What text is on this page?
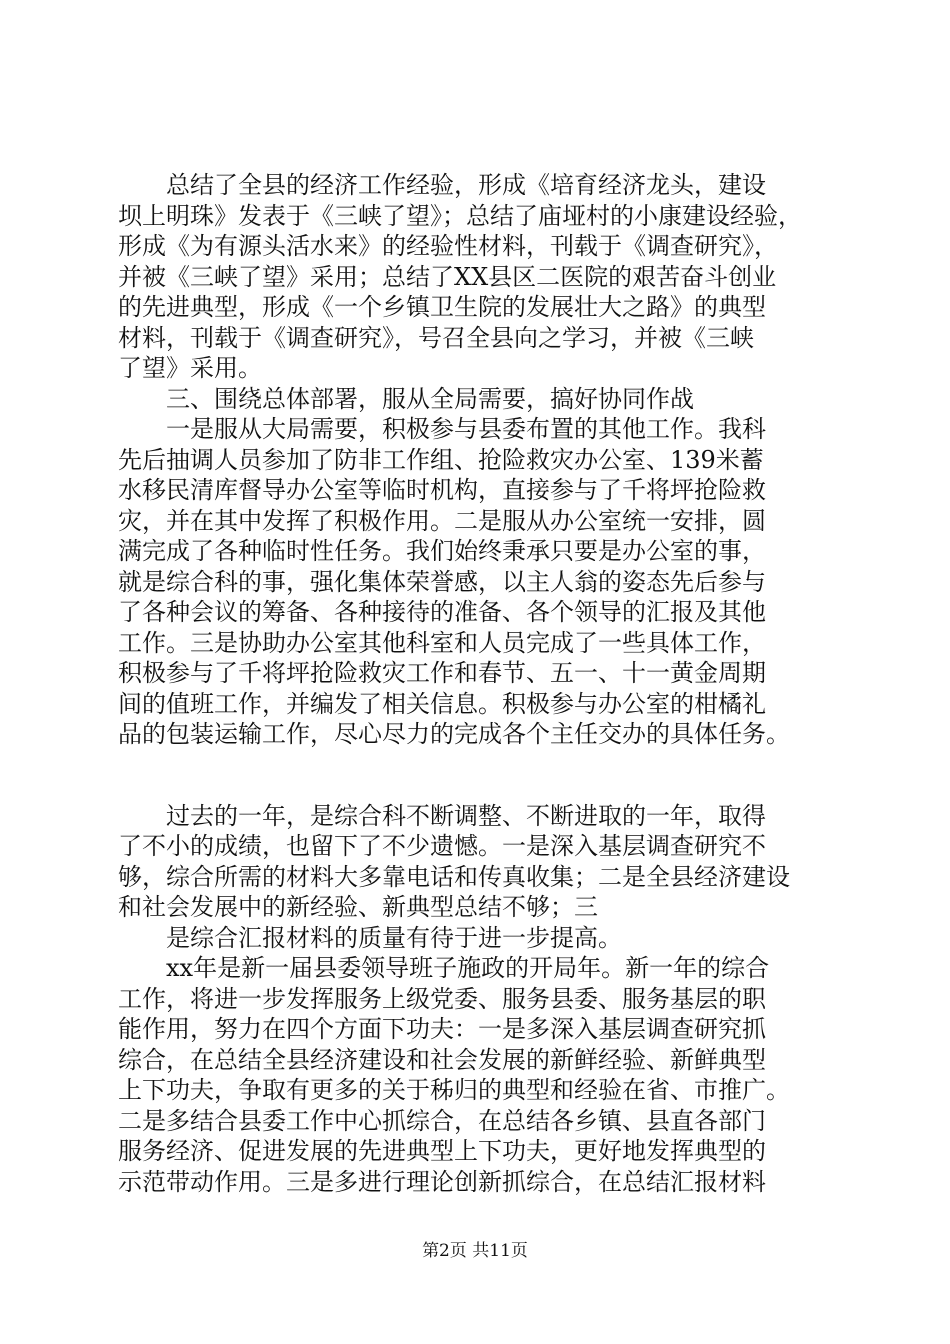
　　总结了全县的经济工作经验，形成《培育经济龙头，建设
坝上明珠》发表于《三峡了望》；总结了庙垭村的小康建设经验，
形成《为有源头活水来》的经验性材料，刊载于《调查研究》，
并被《三峡了望》采用；总结了XX县区二医院的艰苦奋斗创业
的先进典型，形成《一个乡镇卫生院的发展壮大之路》的典型
材料，刊载于《调查研究》，号召全县向之学习，并被《三峡
了望》采用。
　　三、围绕总体部署，服从全局需要，搞好协同作战
　　一是服从大局需要，积极参与县委布置的其他工作。我科
先后抽调人员参加了防非工作组、抢险救灾办公室、139米蓄
水移民清库督导办公室等临时机构，直接参与了千将坪抢险救
灾，并在其中发挥了积极作用。二是服从办公室统一安排，圆
满完成了各种临时性任务。我们始终秉承只要是办公室的事，
就是综合科的事，强化集体荣誉感，以主人翁的姿态先后参与
了各种会议的筹备、各种接待的准备、各个领导的汇报及其他
工作。三是协助办公室其他科室和人员完成了一些具体工作，
积极参与了千将坪抢险救灾工作和春节、五一、十一黄金周期
间的值班工作，并编发了相关信息。积极参与办公室的柑橘礼
品的包装运输工作，尽心尽力的完成各个主任交办的具体任务。
　　过去的一年，是综合科不断调整、不断进取的一年，取得
了不小的成绩，也留下了不少遗憾。一是深入基层调查研究不
够，综合所需的材料大多靠电话和传真收集；二是全县经济建设
和社会发展中的新经验、新典型总结不够；三
　　是综合汇报材料的质量有待于进一步提高。
　　xx年是新一届县委领导班子施政的开局年。新一年的综合
工作，将进一步发挥服务上级党委、服务县委、服务基层的职
能作用，努力在四个方面下功夫：一是多深入基层调查研究抓
综合，在总结全县经济建设和社会发展的新鲜经验、新鲜典型
上下功夫，争取有更多的关于秭归的典型和经验在省、市推广。
二是多结合县委工作中心抓综合，在总结各乡镇、县直各部门
服务经济、促进发展的先进典型上下功夫，更好地发挥典型的
示范带动作用。三是多进行理论创新抓综合，在总结汇报材料
第2页 共11页
